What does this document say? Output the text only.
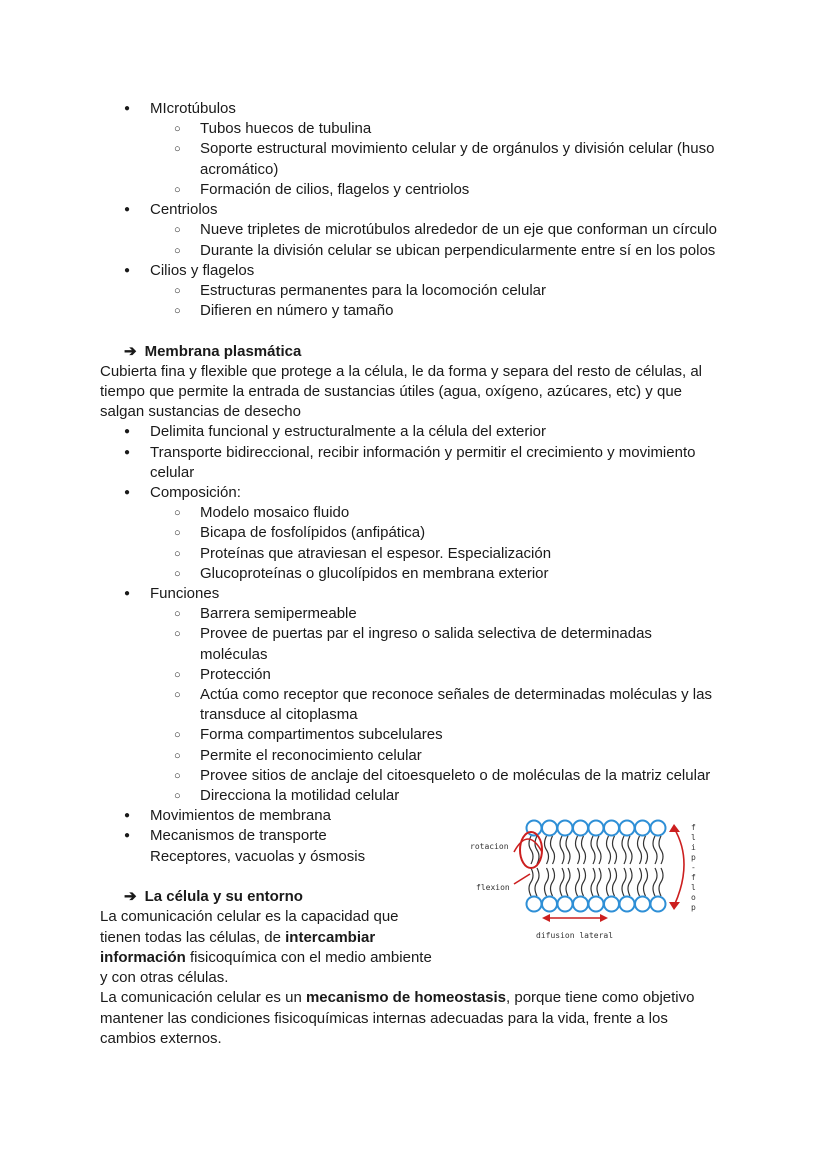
● MIcrotúbulos
○ Tubos huecos de tubulina
○ Soporte estructural movimiento celular y de orgánulos y división celular (huso
acromático)
○ Formación de cilios, flagelos y centriolos
● Centriolos
○ Nueve tripletes de microtúbulos alrededor de un eje que conforman un círculo
○ Durante la división celular se ubican perpendicularmente entre sí en los polos
● Cilios y flagelos
○ Estructuras permanentes para la locomoción celular
○ Difieren en número y tamaño
➔ Membrana plasmática
Cubierta fina y flexible que protege a la célula, le da forma y separa del resto de células, al
tiempo que permite la entrada de sustancias útiles (agua, oxígeno, azúcares, etc) y que
salgan sustancias de desecho
● Delimita funcional y estructuralmente a la célula del exterior
● Transporte bidireccional, recibir información y permitir el crecimiento y movimiento
celular
● Composición:
○ Modelo mosaico fluido
○ Bicapa de fosfolípidos (anfipática)
○ Proteínas que atraviesan el espesor. Especialización
○ Glucoproteínas o glucolípidos en membrana exterior
● Funciones
○ Barrera semipermeable
○ Provee de puertas par el ingreso o salida selectiva de determinadas
moléculas
○ Protección
○ Actúa como receptor que reconoce señales de determinadas moléculas y las
transduce al citoplasma
○ Forma compartimentos subcelulares
○ Permite el reconocimiento celular
○ Provee sitios de anclaje del citoesqueleto o de moléculas de la matriz celular
○ Direcciona la motilidad celular
● Movimientos de membrana
● Mecanismos de transporte
Receptores, vacuolas y ósmosis
rotacion
flexion
difusion lateral
f
l
i
p
-
f
l
o
p
➔ La célula y su entorno
La comunicación celular es la capacidad que
tienen todas las células, de intercambiar
información fisicoquímica con el medio ambiente
y con otras células.
La comunicación celular es un mecanismo de homeostasis, porque tiene como objetivo
mantener las condiciones fisicoquímicas internas adecuadas para la vida, frente a los
cambios externos.
